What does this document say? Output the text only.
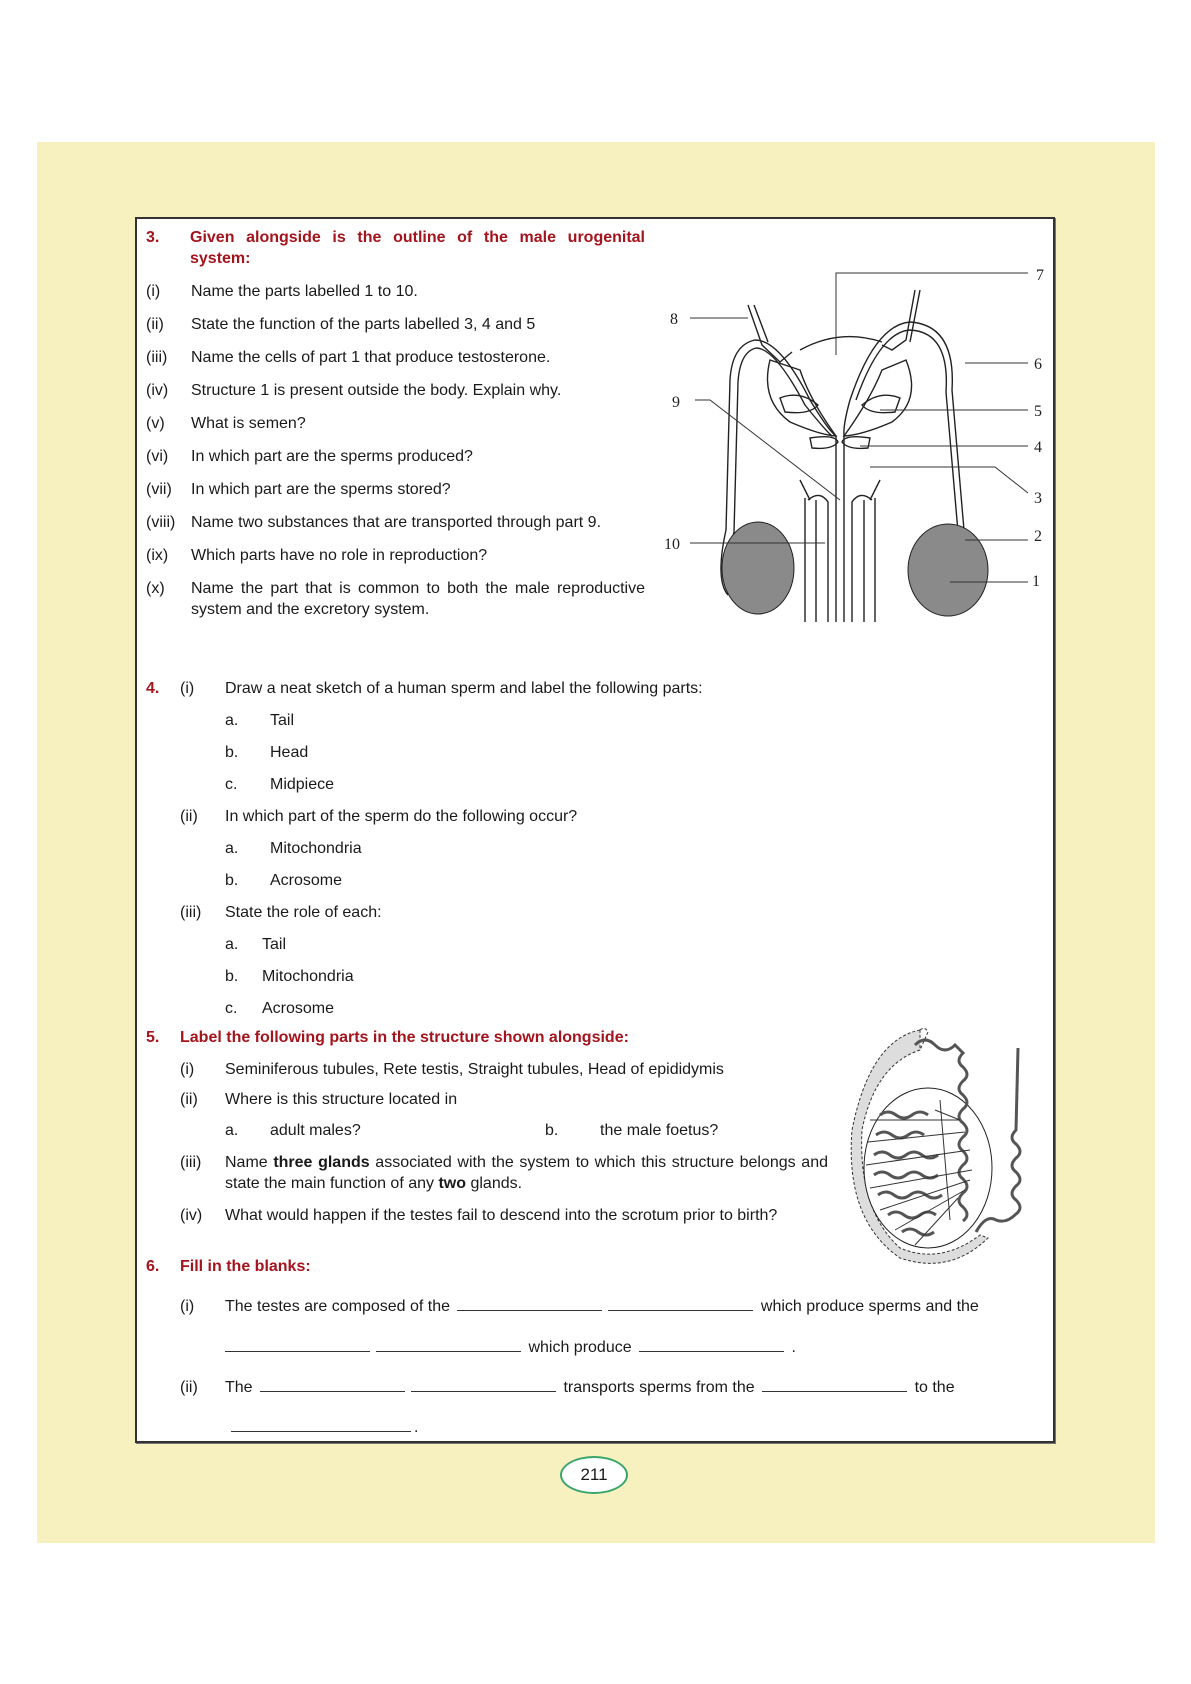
3.	Given alongside is the outline of the male urogenital system:
(i) Name the parts labelled 1 to 10.
(ii) State the function of the parts labelled 3, 4 and 5
(iii) Name the cells of part 1 that produce testosterone.
(iv) Structure 1 is present outside the body. Explain why.
(v) What is semen?
(vi) In which part are the sperms produced?
(vii) In which part are the sperms stored?
(viii) Name two substances that are transported through part 9.
(ix) Which parts have no role in reproduction?
(x) Name the part that is common to both the male reproductive system and the excretory system.
7
8
6
9
5
4
3
2
10
1
4. (i) Draw a neat sketch of a human sperm and label the following parts:
a. Tail
b. Head
c. Midpiece
(ii) In which part of the sperm do the following occur?
a. Mitochondria
b. Acrosome
(iii) State the role of each:
a. Tail
b. Mitochondria
c. Acrosome
5. Label the following parts in the structure shown alongside:
(i) Seminiferous tubules, Rete testis, Straight tubules, Head of epididymis
(ii) Where is this structure located in
a.	adult males?	b.	the male foetus?
(iii) Name three glands associated with the system to which this structure belongs and state the main function of any two glands.
(iv) What would happen if the testes fail to descend into the scrotum prior to birth?
6. Fill in the blanks:
(i) The testes are composed of the	which produce sperms and the
which produce	.
(ii) The	transports sperms from the	to the
.
211
